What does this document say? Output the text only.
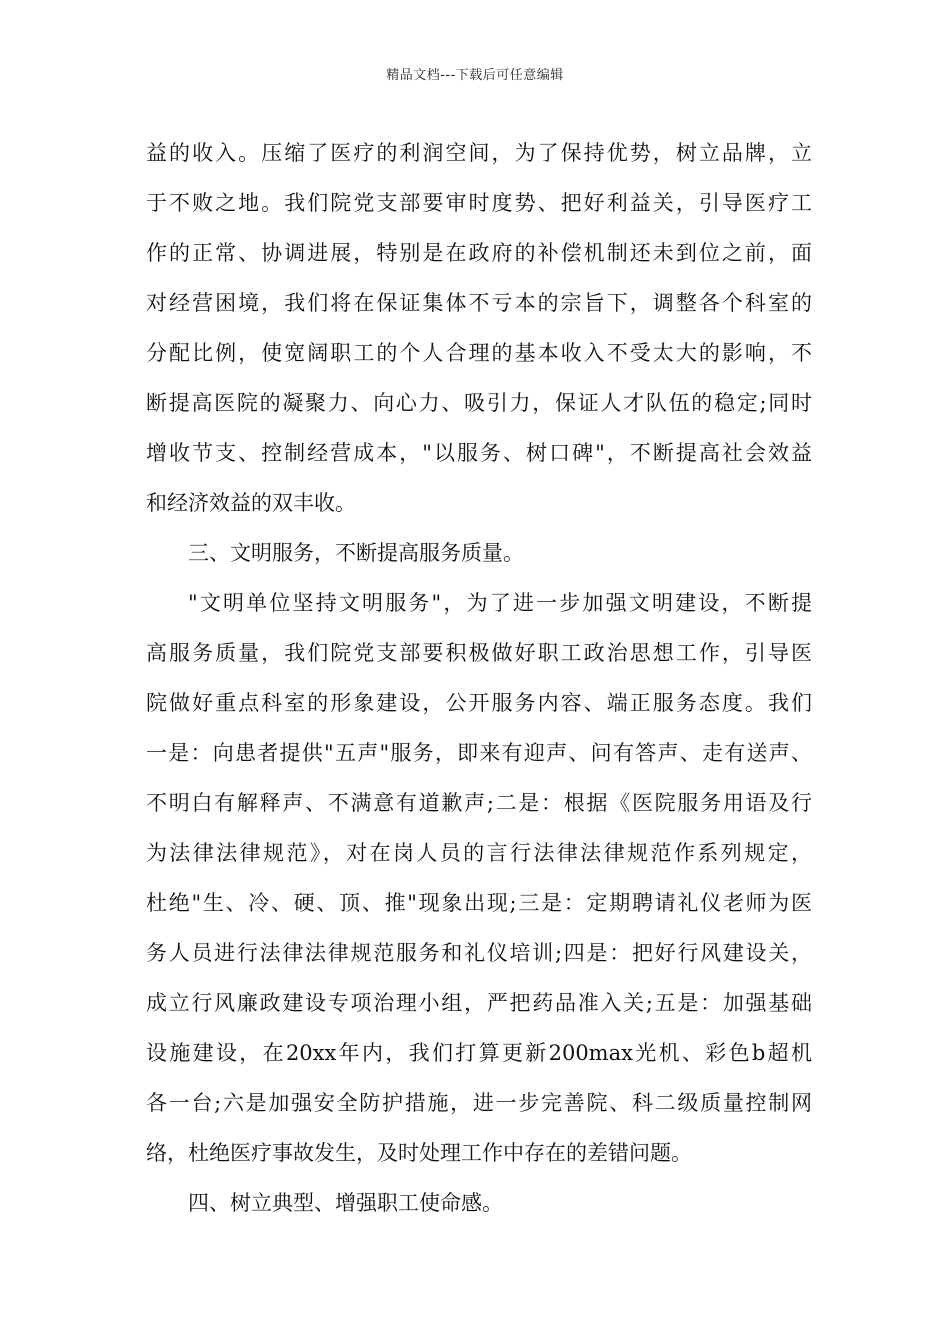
精品文档---下载后可任意编辑
益的收入。压缩了医疗的利润空间，为了保持优势，树立品牌，立
于不败之地。我们院党支部要审时度势、把好利益关，引导医疗工
作的正常、协调进展，特别是在政府的补偿机制还未到位之前，面
对经营困境，我们将在保证集体不亏本的宗旨下，调整各个科室的
分配比例，使宽阔职工的个人合理的基本收入不受太大的影响，不
断提高医院的凝聚力、向心力、吸引力，保证人才队伍的稳定;同时
增收节支、控制经营成本，"以服务、树口碑"，不断提高社会效益
和经济效益的双丰收。
三、文明服务，不断提高服务质量。
"文明单位坚持文明服务"，为了进一步加强文明建设，不断提
高服务质量，我们院党支部要积极做好职工政治思想工作，引导医
院做好重点科室的形象建设，公开服务内容、端正服务态度。我们
一是：向患者提供"五声"服务，即来有迎声、问有答声、走有送声、
不明白有解释声、不满意有道歉声;二是：根据《医院服务用语及行
为法律法律规范》，对在岗人员的言行法律法律规范作系列规定，
杜绝"生、冷、硬、顶、推"现象出现;三是：定期聘请礼仪老师为医
务人员进行法律法律规范服务和礼仪培训;四是：把好行风建设关，
成立行风廉政建设专项治理小组，严把药品准入关;五是：加强基础
设施建设，在20xx年内，我们打算更新200max光机、彩色b超机
各一台;六是加强安全防护措施，进一步完善院、科二级质量控制网
络，杜绝医疗事故发生，及时处理工作中存在的差错问题。
四、树立典型、增强职工使命感。
